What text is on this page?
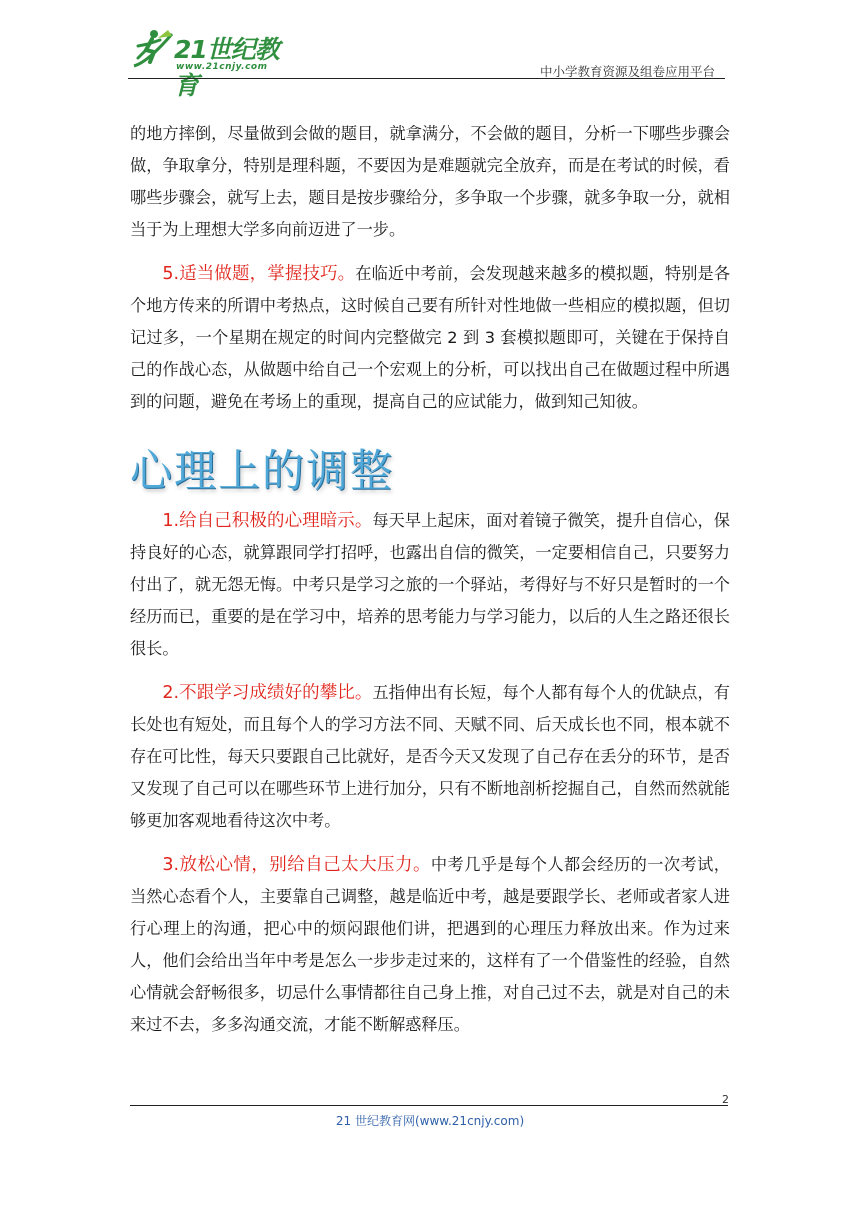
21世纪教育
www.21cnjy.com	中小学教育资源及组卷应用平台

的地方摔倒，尽量做到会做的题目，就拿满分，不会做的题目，分析一下哪些步骤会做，争取拿分，特别是理科题，不要因为是难题就完全放弃，而是在考试的时候，看哪些步骤会，就写上去，题目是按步骤给分，多争取一个步骤，就多争取一分，就相当于为上理想大学多向前迈进了一步。

5.适当做题，掌握技巧。在临近中考前，会发现越来越多的模拟题，特别是各个地方传来的所谓中考热点，这时候自己要有所针对性地做一些相应的模拟题，但切记过多，一个星期在规定的时间内完整做完 2 到 3 套模拟题即可，关键在于保持自己的作战心态，从做题中给自己一个宏观上的分析，可以找出自己在做题过程中所遇到的问题，避免在考场上的重现，提高自己的应试能力，做到知己知彼。

心理上的调整

1.给自己积极的心理暗示。每天早上起床，面对着镜子微笑，提升自信心，保持良好的心态，就算跟同学打招呼，也露出自信的微笑，一定要相信自己，只要努力付出了，就无怨无悔。中考只是学习之旅的一个驿站，考得好与不好只是暂时的一个经历而已，重要的是在学习中，培养的思考能力与学习能力，以后的人生之路还很长很长。

2.不跟学习成绩好的攀比。五指伸出有长短，每个人都有每个人的优缺点，有长处也有短处，而且每个人的学习方法不同、天赋不同、后天成长也不同，根本就不存在可比性，每天只要跟自己比就好，是否今天又发现了自己存在丢分的环节，是否又发现了自己可以在哪些环节上进行加分，只有不断地剖析挖掘自己，自然而然就能够更加客观地看待这次中考。

3.放松心情，别给自己太大压力。中考几乎是每个人都会经历的一次考试，当然心态看个人，主要靠自己调整，越是临近中考，越是要跟学长、老师或者家人进行心理上的沟通，把心中的烦闷跟他们讲，把遇到的心理压力释放出来。作为过来人，他们会给出当年中考是怎么一步步走过来的，这样有了一个借鉴性的经验，自然心情就会舒畅很多，切忌什么事情都往自己身上推，对自己过不去，就是对自己的未来过不去，多多沟通交流，才能不断解惑释压。

2
21 世纪教育网(www.21cnjy.com)
